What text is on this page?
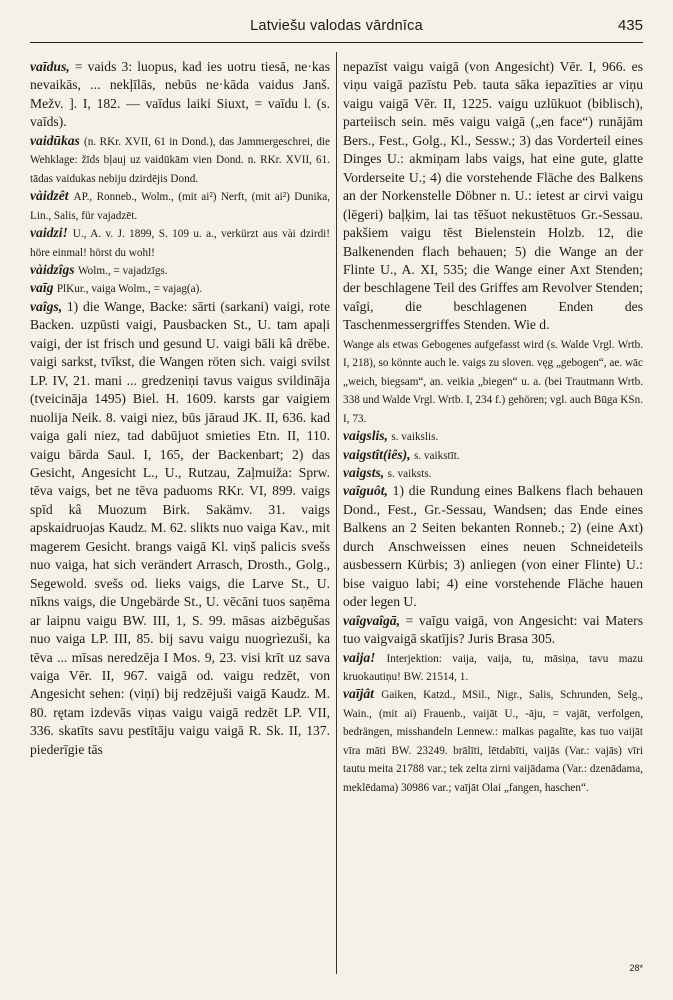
Latviešu valodas vārdnīca	435

vaīdus, = vaids 3: luopus, kad ies uotru tiesā, ne·kas nevaikās, ... nekļīlās, nebūs ne·kāda vaidus Janš. Mežv. ]. I, 182. — vaīdus laiki Siuxt, = vaīdu l. (s. vaīds).

vaidūkas (n. RKr. XVII, 61 in Dond.), das Jammergeschrei, die Wehklage: žīds bļauj uz vaidūkām vien Dond. n. RKr. XVII, 61. tādas vaidukas nebiju dzirdējis Dond.

vàidzêt AP., Ronneb., Wolm., (mit ai²) Nerft, (mit ai²) Dunika, Lin., Salis, für vajadzēt.

vaidzi! U., A. v. J. 1899, S. 109 u. a., verkürzt aus vài dzirdi! höre einmal! hörst du wohl!

vàidzîgs Wolm., = vajadzīgs.

vaīg PlKur., vaiga Wolm., = vajag(a).

vaîgs, 1) die Wange, Backe: sārti (sarkani) vaigi, rote Backen. uzpūsti vaigi, Pausbacken St., U. tam apaļi vaigi, der ist frisch und gesund U. vaigi bāli kâ drēbe. vaigi sarkst, tvīkst, die Wangen röten sich. vaigi svilst LP. IV, 21. mani ... gredzeniņi tavus vaigus svildināja (tveicināja 1495) Biel. H. 1609. karsts gar vaigiem nuolija Neik. 8. vaigi niez, būs jāraud JK. II, 636. kad vaiga gali niez, tad dabūjuot smieties Etn. II, 110. vaigu bārda Saul. I, 165, der Backenbart; 2) das Gesicht, Angesicht L., U., Rutzau, Zaļmuiža: Sprw. tēva vaigs, bet ne tēva paduoms RKr. VI, 899. vaigs spīd kâ Muozum Birk. Sakämv. 31. vaigs apskaidruojas Kaudz. M. 62. slikts nuo vaiga Kav., mit magerem Gesicht. brangs vaigā Kl. viņš palicis svešs nuo vaiga, hat sich verändert Arrasch, Drosth., Golg., Segewold. svešs od. lieks vaigs, die Larve St., U. nīkns vaigs, die Ungebärde St., U. vēcāni tuos saņēma ar laipnu vaigu BW. III, 1, S. 99. māsas aizbēgušas nuo vaiga LP. III, 85. bij savu vaigu nuogrìezuši, ka tēva ... mīsas neredzēja I Mos. 9, 23. visi krīt uz sava vaiga Vēr. II, 967. vaigā od. vaigu redzēt, von Angesicht sehen: (viņi) bij redzējuši vaigā Kaudz. M. 80. rętam izdevās viņas vaigu vaigā redzēt LP. VII, 336. skatīts savu pestītāju vaigu vaigā R. Sk. II, 137. piederīgie tās

nepazīst vaigu vaigā (von Angesicht) Vēr. I, 966. es viņu vaigā pazīstu Peb. tauta sāka iepazīties ar viņu vaigu vaigā Vēr. II, 1225. vaigu uzlūkuot (biblisch), parteiisch sein. mēs vaigu vaigā („en face“) runājām Bers., Fest., Golg., Kl., Sessw.; 3) das Vorderteil eines Dinges U.: akmiņam labs vaigs, hat eine gute, glatte Vorderseite U.; 4) die vorstehende Fläche des Balkens an der Norkenstelle Döbner n. U.: ietest ar cirvi vaigu (lēgeri) baļķim, lai tas tēšuot nekustētuos Gr.-Sessau. pakšiem vaigu tēst Bielenstein Holzb. 12, die Balkenenden flach behauen; 5) die Wange an der Flinte U., A. XI, 535; die Wange einer Axt Stenden; der beschlagene Teil des Griffes am Revolver Stenden; vaîgi, die beschlagenen Enden des Taschenmessergriffes Stenden. Wie d.

Wange als etwas Gebogenes aufgefasst wird (s. Walde Vrgl. Wrtb. I, 218), so könnte auch le. vaigs zu sloven. vęg „gebogen“, ae. wāc „weich, biegsam“, an. veikia „biegen“ u. a. (bei Trautmann Wrtb. 338 und Walde Vrgl. Wrtb. I, 234 f.) gehören; vgl. auch Būga KSn. I, 73.

vaigslis, s. vaikslis.

vaigstît(iês), s. vaikstīt.

vaigsts, s. vaiksts.

vaîguôt, 1) die Rundung eines Balkens flach behauen Dond., Fest., Gr.-Sessau, Wandsen; das Ende eines Balkens an 2 Seiten bekanten Ronneb.; 2) (eine Axt) durch Anschweissen eines neuen Schneideteils ausbessern Kürbis; 3) anliegen (von einer Flinte) U.: bise vaiguo labi; 4) eine vorstehende Fläche hauen oder legen U.

vaîgvaîgā, = vaīgu vaigā, von Angesicht: vai Maters tuo vaigvaigā skatījis? Juris Brasa 305.

vaija! Interjektion: vaija, vaija, tu, māsiņa, tavu mazu kruokautiņu! BW. 21514, 1.

vaījât Gaiken, Katzd., MSil., Nigr., Salis, Schrunden, Selg., Wain., (mit ai) Frauenb., vaijāt U., -āju, = vajāt, verfolgen, bedrängen, misshandeln Lennew.: malkas pagalīte, kas tuo vaijāt vīra māti BW. 23249. brālīti, lētdabīti, vaijās (Var.: vajās) vīri tautu meita 21788 var.; tek zelta zirni vaijādama (Var.: dzenādama, meklēdama) 30986 var.; vaījāt Olai „fangen, haschen“.

28*
